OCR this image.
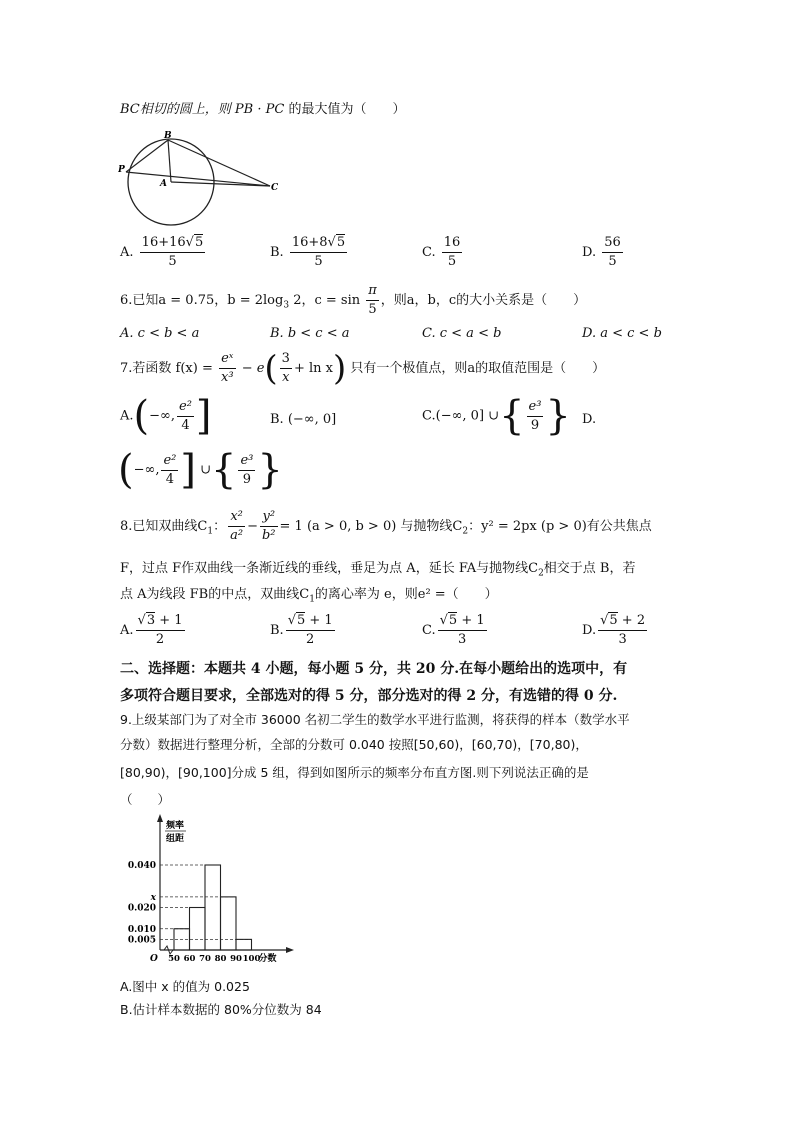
BC相切的圆上，则 PB · PC 的最大值为（　　）
B
P
A	C
A. $\frac{16+16√5}{5}$	B. $\frac{16+8√5}{5}$	C. $\frac{16}{5}$	D. $\frac{56}{5}$
6.已知a = 0.75，$b = 2\log_3$ 2，$c = \sin \frac{\pi}{5}$ ，则a，b，c的大小关系是（　　）
A. c < b < a	B. b < c < a	C. c < a < b	D. a < c < b
7.若函数 $f(x) = \frac{\text{eˣ}}{\text{x³}} - e( \frac{3}{x} + \ln x)$ 只有一个极值点，则a的取值范围是（　　）
A.(−∞, $\frac{\text{e²}}{4}$ ]	B. (−∞, 0]	C.(−∞, 0] ∪{ $\frac{\text{e³}}{9}$ } D.
(−∞, $\frac{\text{e²}}{4}$ ] ∪{ $\frac{\text{e³}}{9}$ }
8.已知双曲线$C_1$： $\frac{\text{x²}}{\text{a²}} - \frac{\text{y²}}{\text{b²}} = 1$ (a > 0, b > 0) 与抛物线$C_2$：y² = 2px (p > 0)有公共焦点
F，过点 F作双曲线一条渐近线的垂线，垂足为点 A，延长 FA与抛物线$C_2$相交于点 B，若
点 A为线段 FB的中点，双曲线$C_1$的离心率为 e，则e² =（　　）
A. $\frac{√3 + 1}{2}$	B. $\frac{√5 + 1}{2}$	C. $\frac{√5 + 1}{3}$	D. $\frac{√5 + 2}{3}$
二、选择题：本题共 4 小题，每小题 5 分，共 20 分.在每小题给出的选项中，有
多项符合题目要求，全部选对的得 5 分，部分选对的得 2 分，有选错的得 0 分.
9.上级某部门为了对全市 36000 名初二学生的数学水平进行监测，将获得的样本（数学水平
分数）数据进行整理分析，全部的分数可 0.040 按照[50,60)，[60,70)，[70,80)，
[80,90)，[90,100]分成 5 组，得到如图所示的频率分布直方图.则下列说法正确的是
（　　）
0.040
x
0.020
0.010
0.005
50 60 70 80 90 100
分数
O
频率
组距
A.图中 x 的值为 0.025
B.估计样本数据的 80%分位数为 84
